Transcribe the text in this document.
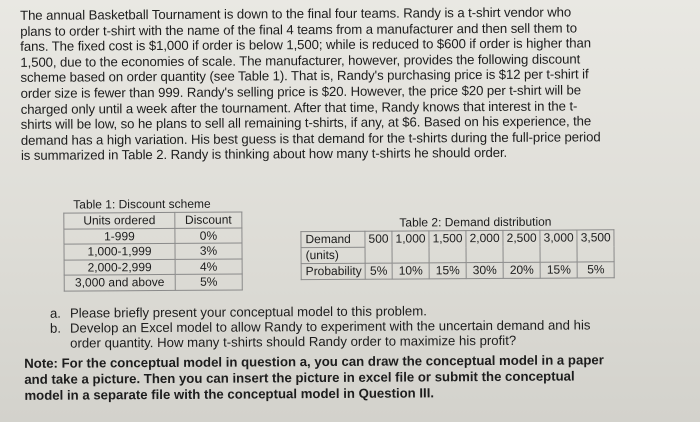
The annual Basketball Tournament is down to the final four teams. Randy is a t-shirt vendor who
plans to order t-shirt with the name of the final 4 teams from a manufacturer and then sell them to
fans. The fixed cost is $1,000 if order is below 1,500; while is reduced to $600 if order is higher than
1,500, due to the economies of scale. The manufacturer, however, provides the following discount
scheme based on order quantity (see Table 1). That is, Randy's purchasing price is $12 per t-shirt if
order size is fewer than 999. Randy's selling price is $20. However, the price $20 per t-shirt will be
charged only until a week after the tournament. After that time, Randy knows that interest in the t-
shirts will be low, so he plans to sell all remaining t-shirts, if any, at $6. Based on his experience, the
demand has a high variation. His best guess is that demand for the t-shirts during the full-price period
is summarized in Table 2. Randy is thinking about how many t-shirts he should order.
Table 1: Discount scheme
Units ordered	Discount
1-999	0%
1,000-1,999	3%
2,000-2,999	4%
3,000 and above	5%
Table 2: Demand distribution
Demand	500	1,000	1,500	2,000	2,500	3,000	3,500
(units)							
Probability	5%	10%	15%	30%	20%	15%	5%
a. Please briefly present your conceptual model to this problem.
b. Develop an Excel model to allow Randy to experiment with the uncertain demand and his
order quantity. How many t-shirts should Randy order to maximize his profit?
Note: For the conceptual model in question a, you can draw the conceptual model in a paper
and take a picture. Then you can insert the picture in excel file or submit the conceptual
model in a separate file with the conceptual model in Question III.
